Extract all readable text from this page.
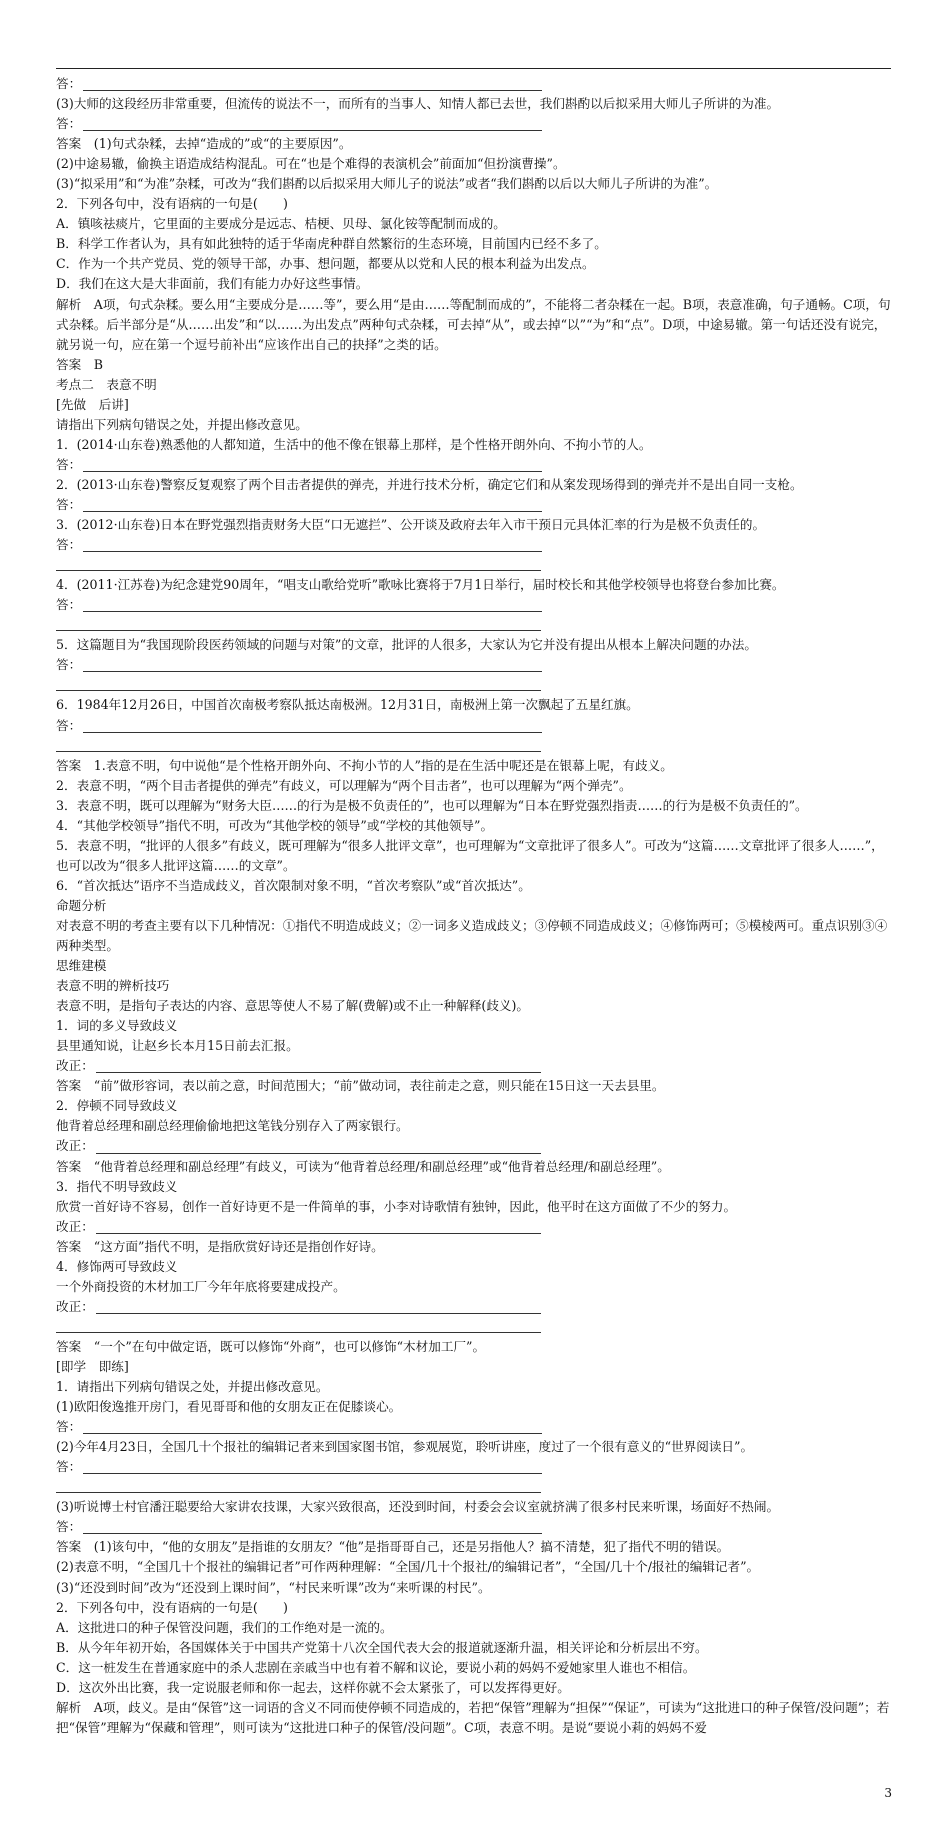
答：
(3)大师的这段经历非常重要，但流传的说法不一，而所有的当事人、知情人都已去世，我们斟酌以后拟采用大师儿子所讲的为准。
答：
答案　(1)句式杂糅，去掉“造成的”或“的主要原因”。
(2)中途易辙，偷换主语造成结构混乱。可在“也是个难得的表演机会”前面加“但扮演曹操”。
(3)“拟采用”和“为准”杂糅，可改为“我们斟酌以后拟采用大师儿子的说法”或者“我们斟酌以后以大师儿子所讲的为准”。
2．下列各句中，没有语病的一句是(　　)
A．镇咳祛痰片，它里面的主要成分是远志、桔梗、贝母、氯化铵等配制而成的。
B．科学工作者认为，具有如此独特的适于华南虎种群自然繁衍的生态环境，目前国内已经不多了。
C．作为一个共产党员、党的领导干部，办事、想问题，都要从以党和人民的根本利益为出发点。
D．我们在这大是大非面前，我们有能力办好这些事情。
解析　A项，句式杂糅。要么用“主要成分是……等”，要么用“是由……等配制而成的”，不能将二者杂糅在一起。B项，表意准确，句子通畅。C项，句式杂糅。后半部分是“从……出发”和“以……为出发点”两种句式杂糅，可去掉“从”，或去掉“以”“为”和“点”。D项，中途易辙。第一句话还没有说完，就另说一句，应在第一个逗号前补出“应该作出自己的抉择”之类的话。
答案　B
考点二　表意不明
[先做　后讲]
请指出下列病句错误之处，并提出修改意见。
1．(2014·山东卷)熟悉他的人都知道，生活中的他不像在银幕上那样，是个性格开朗外向、不拘小节的人。
答：
2．(2013·山东卷)警察反复观察了两个目击者提供的弹壳，并进行技术分析，确定它们和从案发现场得到的弹壳并不是出自同一支枪。
答：
3．(2012·山东卷)日本在野党强烈指责财务大臣“口无遮拦”、公开谈及政府去年入市干预日元具体汇率的行为是极不负责任的。
答：
4．(2011·江苏卷)为纪念建党90周年，“唱支山歌给党听”歌咏比赛将于7月1日举行，届时校长和其他学校领导也将登台参加比赛。
答：
5．这篇题目为“我国现阶段医药领域的问题与对策”的文章，批评的人很多，大家认为它并没有提出从根本上解决问题的办法。
答：
6．1984年12月26日，中国首次南极考察队抵达南极洲。12月31日，南极洲上第一次飘起了五星红旗。
答：
答案　1.表意不明，句中说他“是个性格开朗外向、不拘小节的人”指的是在生活中呢还是在银幕上呢，有歧义。
2．表意不明，“两个目击者提供的弹壳”有歧义，可以理解为“两个目击者”，也可以理解为“两个弹壳”。
3．表意不明，既可以理解为“财务大臣……的行为是极不负责任的”，也可以理解为“日本在野党强烈指责……的行为是极不负责任的”。
4．“其他学校领导”指代不明，可改为“其他学校的领导”或“学校的其他领导”。
5．表意不明，“批评的人很多”有歧义，既可理解为“很多人批评文章”，也可理解为“文章批评了很多人”。可改为“这篇……文章批评了很多人……”，也可以改为“很多人批评这篇……的文章”。
6．“首次抵达”语序不当造成歧义，首次限制对象不明，“首次考察队”或“首次抵达”。
命题分析
对表意不明的考查主要有以下几种情况：①指代不明造成歧义；②一词多义造成歧义；③停顿不同造成歧义；④修饰两可；⑤模棱两可。重点识别③④两种类型。
思维建模
表意不明的辨析技巧
表意不明，是指句子表达的内容、意思等使人不易了解(费解)或不止一种解释(歧义)。
1．词的多义导致歧义
县里通知说，让赵乡长本月15日前去汇报。
改正：
答案　“前”做形容词，表以前之意，时间范围大；“前”做动词，表往前走之意，则只能在15日这一天去县里。
2．停顿不同导致歧义
他背着总经理和副总经理偷偷地把这笔钱分别存入了两家银行。
改正：
答案　“他背着总经理和副总经理”有歧义，可读为“他背着总经理/和副总经理”或“他背着总经理/和副总经理”。
3．指代不明导致歧义
欣赏一首好诗不容易，创作一首好诗更不是一件简单的事，小李对诗歌情有独钟，因此，他平时在这方面做了不少的努力。
改正：
答案　“这方面”指代不明，是指欣赏好诗还是指创作好诗。
4．修饰两可导致歧义
一个外商投资的木材加工厂今年年底将要建成投产。
改正：
答案　“一个”在句中做定语，既可以修饰“外商”，也可以修饰“木材加工厂”。
[即学　即练]
1．请指出下列病句错误之处，并提出修改意见。
(1)欧阳俊逸推开房门，看见哥哥和他的女朋友正在促膝谈心。
答：
(2)今年4月23日，全国几十个报社的编辑记者来到国家图书馆，参观展览，聆听讲座，度过了一个很有意义的“世界阅读日”。
答：
(3)听说博士村官潘汪聪要给大家讲农技课，大家兴致很高，还没到时间，村委会会议室就挤满了很多村民来听课，场面好不热闹。
答：
答案　(1)该句中，“他的女朋友”是指谁的女朋友？“他”是指哥哥自己，还是另指他人？搞不清楚，犯了指代不明的错误。
(2)表意不明，“全国几十个报社的编辑记者”可作两种理解：“全国/几十个报社/的编辑记者”，“全国/几十个/报社的编辑记者”。
(3)“还没到时间”改为“还没到上课时间”，“村民来听课”改为“来听课的村民”。
2．下列各句中，没有语病的一句是(　　)
A．这批进口的种子保管没问题，我们的工作绝对是一流的。
B．从今年年初开始，各国媒体关于中国共产党第十八次全国代表大会的报道就逐渐升温，相关评论和分析层出不穷。
C．这一桩发生在普通家庭中的杀人悲剧在亲戚当中也有着不解和议论，要说小莉的妈妈不爱她家里人谁也不相信。
D．这次外出比赛，我一定说服老师和你一起去，这样你就不会太紧张了，可以发挥得更好。
解析　A项，歧义。是由“保管”这一词语的含义不同而使停顿不同造成的，若把“保管”理解为“担保”“保证”，可读为“这批进口的种子保管/没问题”；若把“保管”理解为“保藏和管理”，则可读为“这批进口种子的保管/没问题”。C项，表意不明。是说“要说小莉的妈妈不爱
3
